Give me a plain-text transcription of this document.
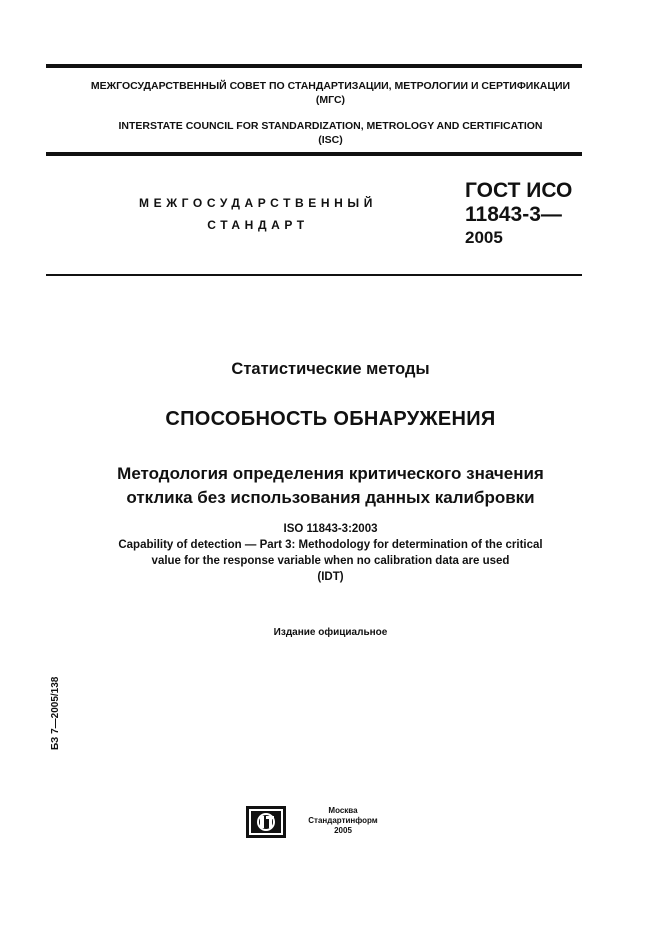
МЕЖГОСУДАРСТВЕННЫЙ СОВЕТ ПО СТАНДАРТИЗАЦИИ, МЕТРОЛОГИИ И СЕРТИФИКАЦИИ
(МГС)
INTERSTATE COUNCIL FOR STANDARDIZATION, METROLOGY AND CERTIFICATION
(ISC)
МЕЖГОСУДАРСТВЕННЫЙ
СТАНДАРТ
ГОСТ ИСО
11843-3—
2005
Статистические методы
СПОСОБНОСТЬ ОБНАРУЖЕНИЯ
Методология определения критического значения
отклика без использования данных калибровки
ISO 11843-3:2003
Capability of detection — Part 3: Methodology for determination of the critical
value for the response variable when no calibration data are used
(IDT)
Издание официальное
БЗ 7—2005/138
Москва
Стандартинформ
2005
